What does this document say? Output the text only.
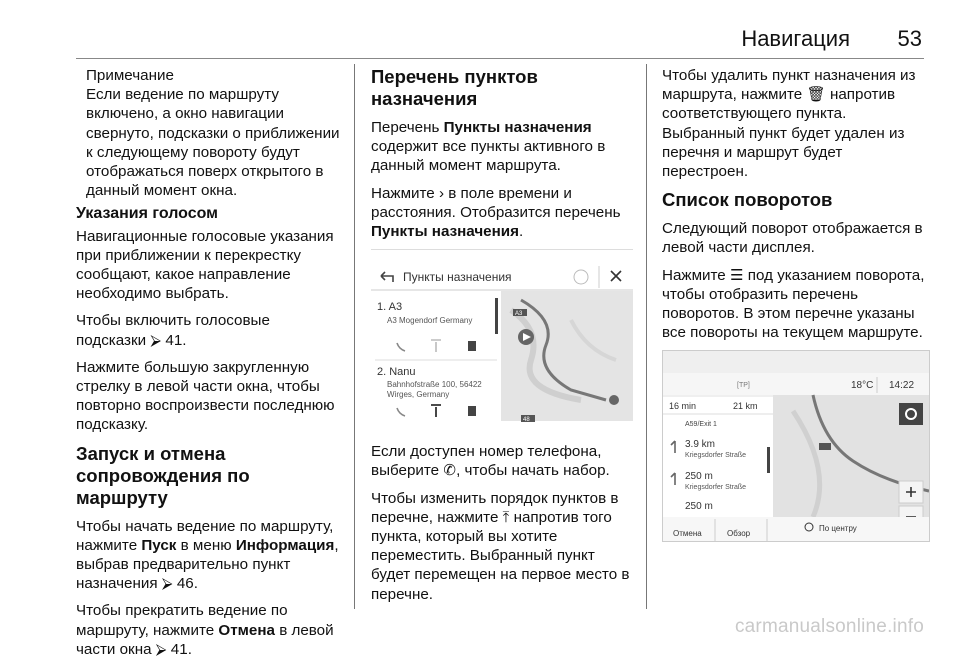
Навигация 53
Примечание
Если ведение по маршруту включено, а окно навигации свернуто, подсказки о приближении к следующему повороту будут отображаться поверх открытого в данный момент окна.
Указания голосом

Навигационные голосовые указания при приближении к перекрестку сообщают, какое направление необходимо выбрать.

Чтобы включить голосовые подсказки ⮚ 41.

Нажмите большую закругленную стрелку в левой части окна, чтобы повторно воспроизвести последнюю подсказку.

Запуск и отмена сопровождения по маршруту

Чтобы начать ведение по маршруту, нажмите Пуск в меню Информация, выбрав предварительно пункт назначения ⮚ 46.

Чтобы прекратить ведение по маршруту, нажмите Отмена в левой части окна ⮚ 41.

Перечень пунктов назначения

Перечень Пункты назначения содержит все пункты активного в данный момент маршрута.

Нажмите › в поле времени и расстояния. Отобразится перечень Пункты назначения.

Пункты назначения
1. A3
A3 Mogendorf Germany
2. Nanu
Bahnhofstraße 100, 56422
Wirges, Germany
A3
48

Если доступен номер телефона, выберите ✆, чтобы начать набор.

Чтобы изменить порядок пунктов в перечне, нажмите ⤒ напротив того пункта, который вы хотите переместить. Выбранный пункт будет перемещен на первое место в перечне.

Чтобы удалить пункт назначения из маршрута, нажмите 🗑 напротив соответствующего пункта. Выбранный пункт будет удален из перечня и маршрут будет перестроен.

Список поворотов

Следующий поворот отображается в левой части дисплея.

Нажмите ☰ под указанием поворота, чтобы отобразить перечень поворотов. В этом перечне указаны все повороты на текущем маршруте.

[TP]	18°C 14:22
16 min	21 km
A59/Exit 1
3.9 km
Kriegsdorfer Straße
250 m
Kriegsdorfer Straße
250 m
Отмена	Обзор
По центру
carmanualsonline.info
